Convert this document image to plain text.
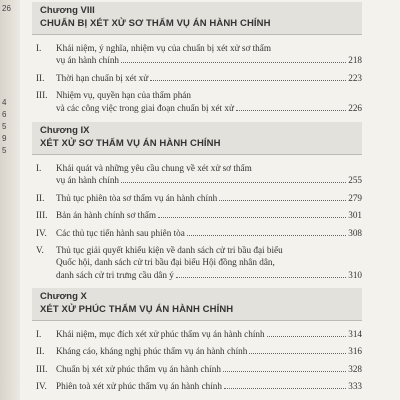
26
4
6
5
9
5
Chương VIII
CHUẨN BỊ XÉT XỬ SƠ THẨM VỤ ÁN HÀNH CHÍNH
I.	Khái niệm, ý nghĩa, nhiệm vụ của chuẩn bị xét xử sơ thẩm
vụ án hành chính	218
II.	Thời hạn chuẩn bị xét xử	223
III. Nhiệm vụ, quyền hạn của thẩm phán
và các công việc trong giai đoạn chuẩn bị xét xử	226
Chương IX
XÉT XỬ SƠ THẨM VỤ ÁN HÀNH CHÍNH
I.	Khái quát và những yêu cầu chung về xét xử sơ thẩm
vụ án hành chính	255
II.	Thủ tục phiên tòa sơ thẩm vụ án hành chính	279
III. Bản án hành chính sơ thẩm	301
IV. Các thủ tục tiến hành sau phiên tòa	308
V.	Thủ tục giải quyết khiếu kiện về danh sách cử tri bầu đại biểu
Quốc hội, danh sách cử tri bầu đại biểu Hội đồng nhân dân,
danh sách cử tri trưng cầu dân ý	310
Chương X
XÉT XỬ PHÚC THẨM VỤ ÁN HÀNH CHÍNH
I.	Khái niệm, mục đích xét xử phúc thẩm vụ án hành chính	314
II.	Kháng cáo, kháng nghị phúc thẩm vụ án hành chính	316
III. Chuẩn bị xét xử phúc thẩm vụ án hành chính	328
IV. Phiên toà xét xử phúc thẩm vụ án hành chính	333
